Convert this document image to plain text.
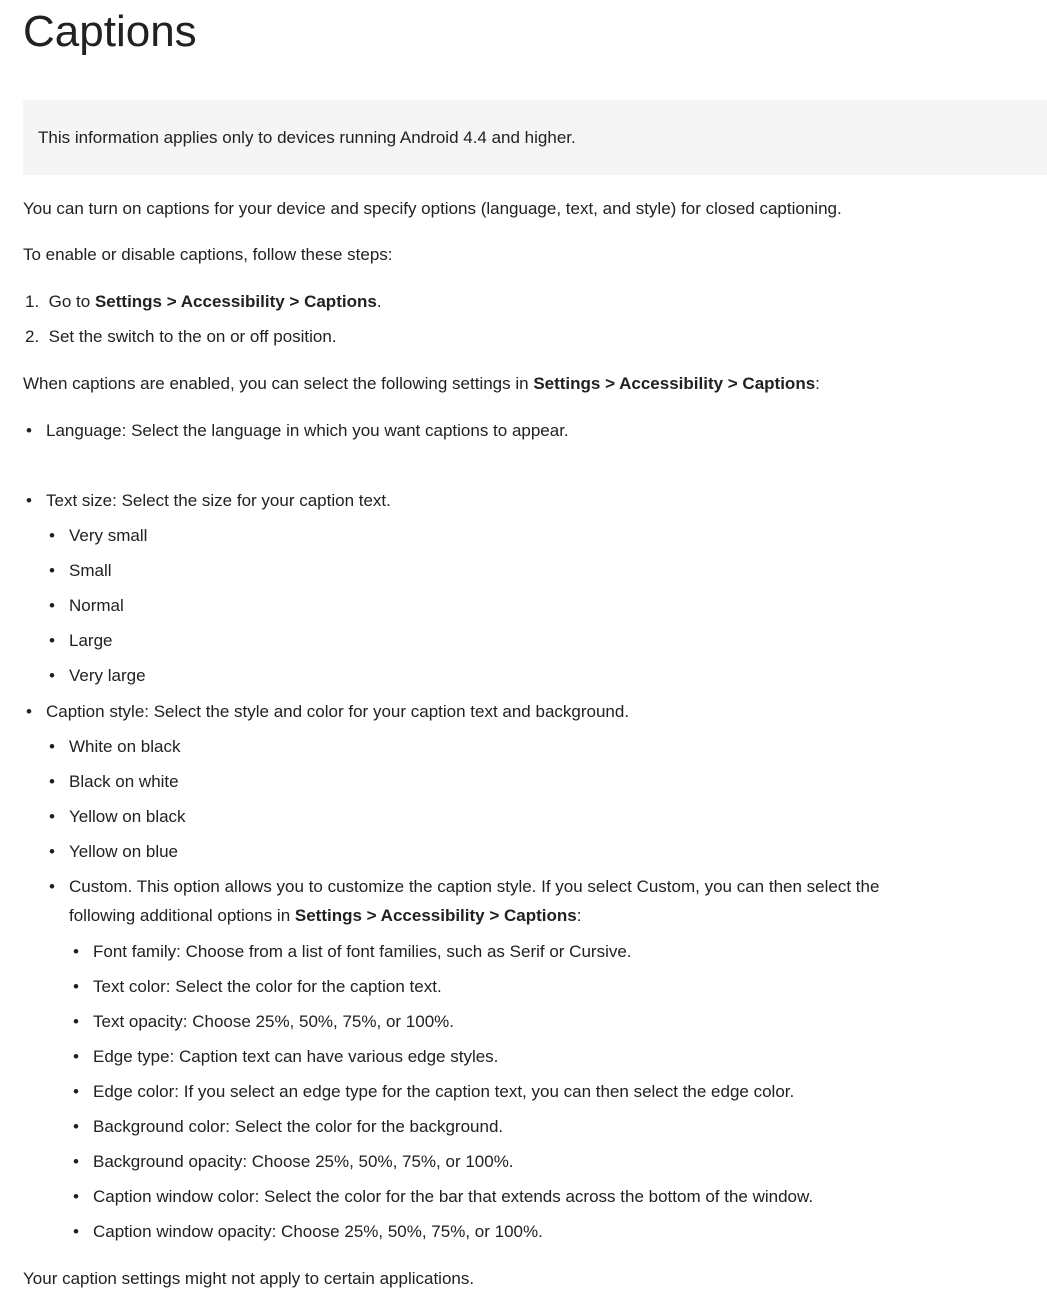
Captions
This information applies only to devices running Android 4.4 and higher.
You can turn on captions for your device and specify options (language, text, and style) for closed captioning.
To enable or disable captions, follow these steps:
1. Go to Settings > Accessibility > Captions.
2. Set the switch to the on or off position.
When captions are enabled, you can select the following settings in Settings > Accessibility > Captions:
• Language: Select the language in which you want captions to appear.
• Text size: Select the size for your caption text.
• Very small
• Small
• Normal
• Large
• Very large
• Caption style: Select the style and color for your caption text and background.
• White on black
• Black on white
• Yellow on black
• Yellow on blue
• Custom. This option allows you to customize the caption style. If you select Custom, you can then select the
following additional options in Settings > Accessibility > Captions:
• Font family: Choose from a list of font families, such as Serif or Cursive.
• Text color: Select the color for the caption text.
• Text opacity: Choose 25%, 50%, 75%, or 100%.
• Edge type: Caption text can have various edge styles.
• Edge color: If you select an edge type for the caption text, you can then select the edge color.
• Background color: Select the color for the background.
• Background opacity: Choose 25%, 50%, 75%, or 100%.
• Caption window color: Select the color for the bar that extends across the bottom of the window.
• Caption window opacity: Choose 25%, 50%, 75%, or 100%.
Your caption settings might not apply to certain applications.
